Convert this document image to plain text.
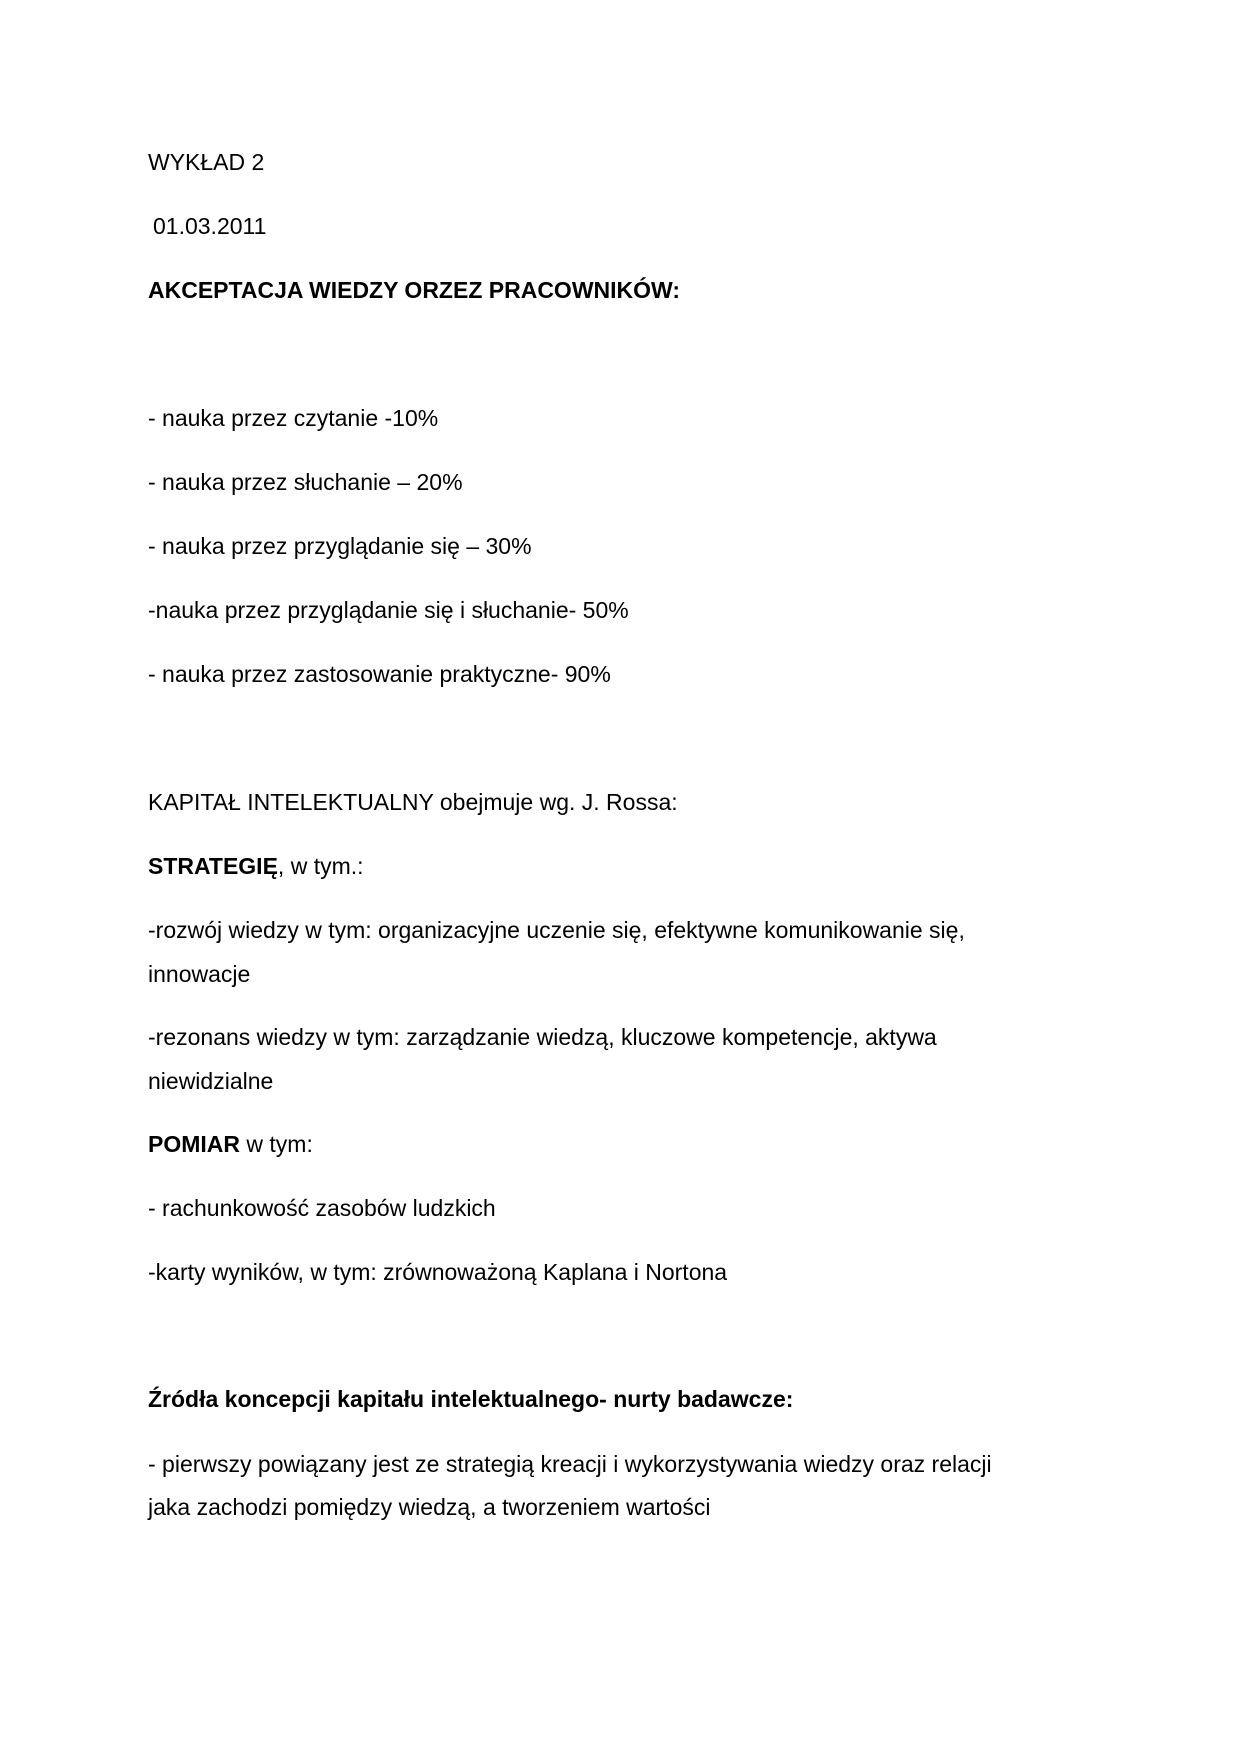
WYKŁAD 2
01.03.2011
AKCEPTACJA WIEDZY ORZEZ PRACOWNIKÓW:
- nauka przez czytanie -10%
- nauka przez słuchanie – 20%
- nauka przez przyglądanie się – 30%
-nauka przez przyglądanie się i słuchanie- 50%
- nauka przez zastosowanie praktyczne- 90%
KAPITAŁ INTELEKTUALNY obejmuje wg. J. Rossa:
STRATEGIĘ, w tym.:
-rozwój wiedzy w tym: organizacyjne uczenie się, efektywne komunikowanie się,
innowacje
-rezonans wiedzy w tym: zarządzanie wiedzą, kluczowe kompetencje, aktywa
niewidzialne
POMIAR w tym:
- rachunkowość zasobów ludzkich
-karty wyników, w tym: zrównoważoną Kaplana i Nortona
Źródła koncepcji kapitału intelektualnego- nurty badawcze:
- pierwszy powiązany jest ze strategią kreacji i wykorzystywania wiedzy oraz relacji
jaka zachodzi pomiędzy wiedzą, a tworzeniem wartości
